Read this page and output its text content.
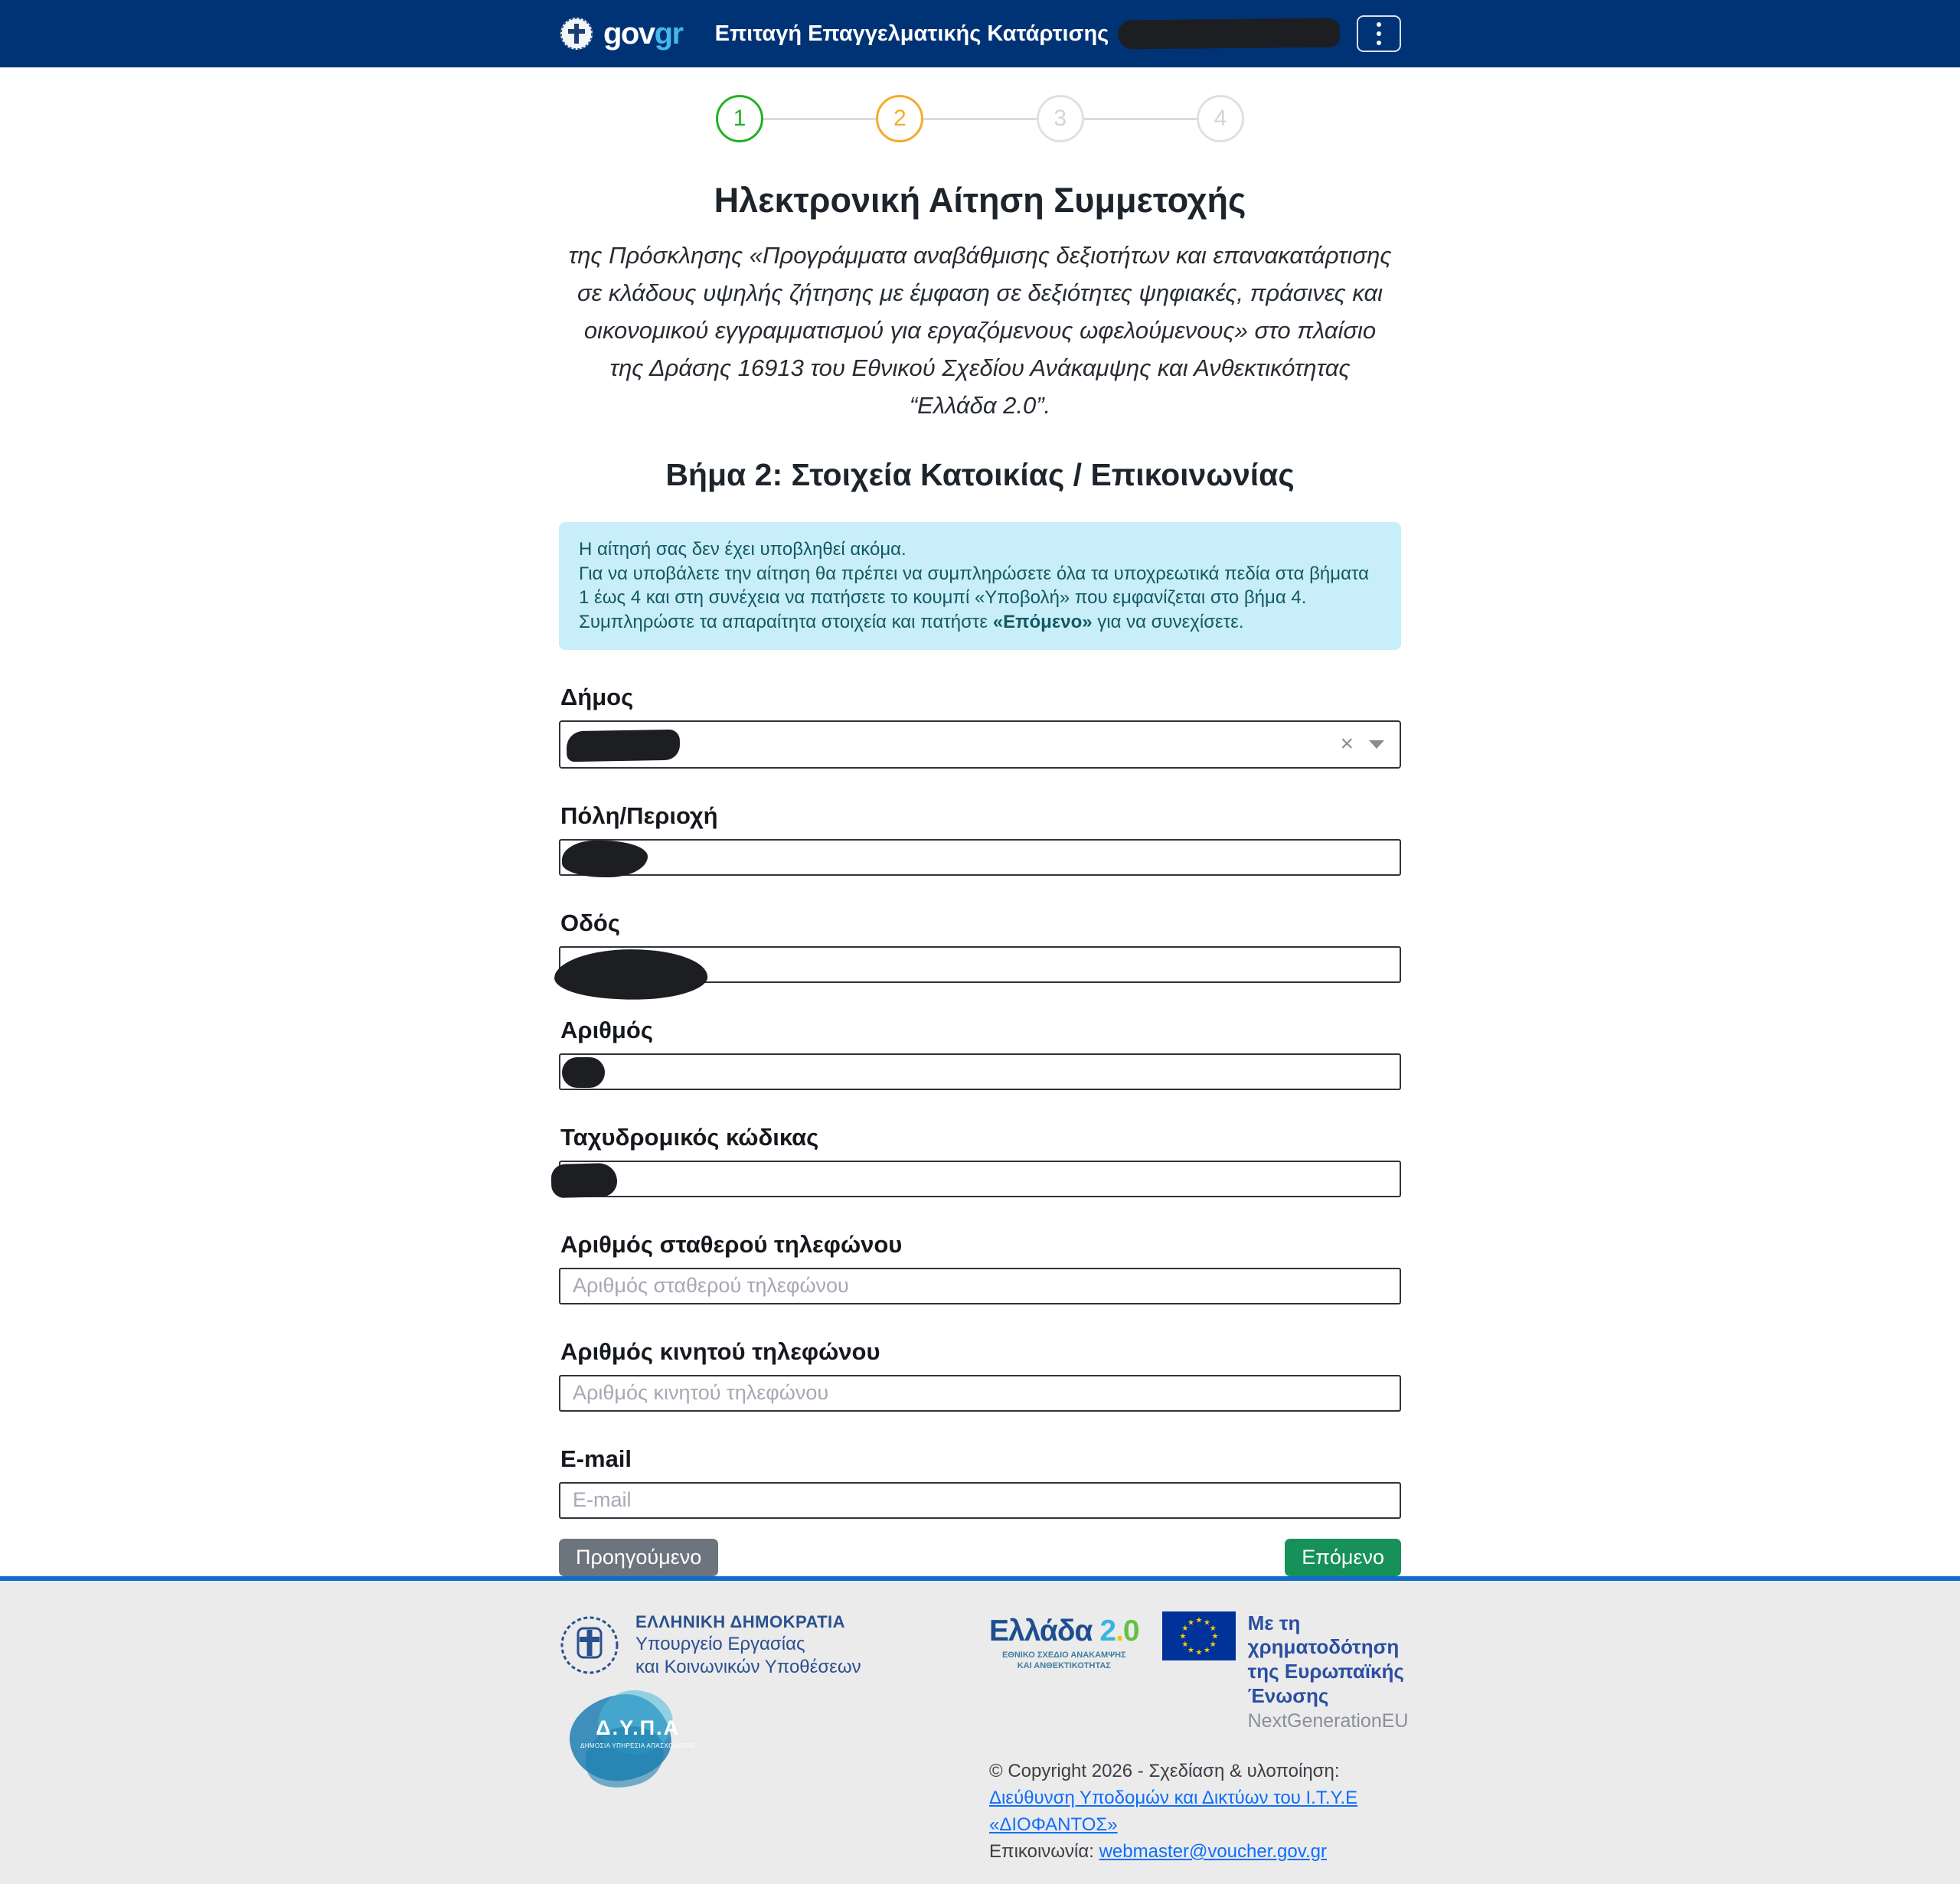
govgr Επιταγή Επαγγελματικής Κατάρτισης
1	2	3	4
Ηλεκτρονική Αίτηση Συμμετοχής

της Πρόσκλησης «Προγράμματα αναβάθμισης δεξιοτήτων και επανακατάρτισης σε κλάδους υψηλής ζήτησης με έμφαση σε δεξιότητες ψηφιακές, πράσινες και οικονομικού εγγραμματισμού για εργαζόμενους ωφελούμενους» στο πλαίσιο της Δράσης 16913 του Εθνικού Σχεδίου Ανάκαμψης και Ανθεκτικότητας “Ελλάδα 2.0”.

Βήμα 2: Στοιχεία Κατοικίας / Επικοινωνίας

Η αίτησή σας δεν έχει υποβληθεί ακόμα.

Για να υποβάλετε την αίτηση θα πρέπει να συμπληρώσετε όλα τα υποχρεωτικά πεδία στα βήματα 1 έως 4 και στη συνέχεια να πατήσετε το κουμπί «Υποβολή» που εμφανίζεται στο βήμα 4.

Συμπληρώστε τα απαραίτητα στοιχεία και πατήστε «Επόμενο» για να συνεχίσετε.

Δήμος
×
Πόλη/Περιοχή
Οδός
Αριθμός
Ταχυδρομικός κώδικας
Αριθμός σταθερού τηλεφώνου
Αριθμός σταθερού τηλεφώνου
Αριθμός κινητού τηλεφώνου
Αριθμός κινητού τηλεφώνου
E-mail
E-mail
Προηγούμενο	Επόμενο
ΕΛΛΗΝΙΚΗ ΔΗΜΟΚΡΑΤΙΑ
Υπουργείο Εργασίας
και Κοινωνικών Υποθέσεων
Δ.Υ.Π.Α
ΔΗΜΟΣΙΑ ΥΠΗΡΕΣΙΑ ΑΠΑΣΧΟΛΗΣΗΣ
Ελλάδα 2.0
ΕΘΝΙΚΟ ΣΧΕΔΙΟ ΑΝΑΚΑΜΨΗΣ
ΚΑΙ ΑΝΘΕΚΤΙΚΟΤΗΤΑΣ
★ ★
★
★
★
★
★
★
★
★
★
★	Με τη χρηματοδότηση
της Ευρωπαϊκής Ένωσης
NextGenerationEU
© Copyright 2026 - Σχεδίαση & υλοποίηση: Διεύθυνση Υποδομών και Δικτύων του Ι.Τ.Υ.Ε «ΔΙΟΦΑΝΤΟΣ»
Επικοινωνία: webmaster@voucher.gov.gr
